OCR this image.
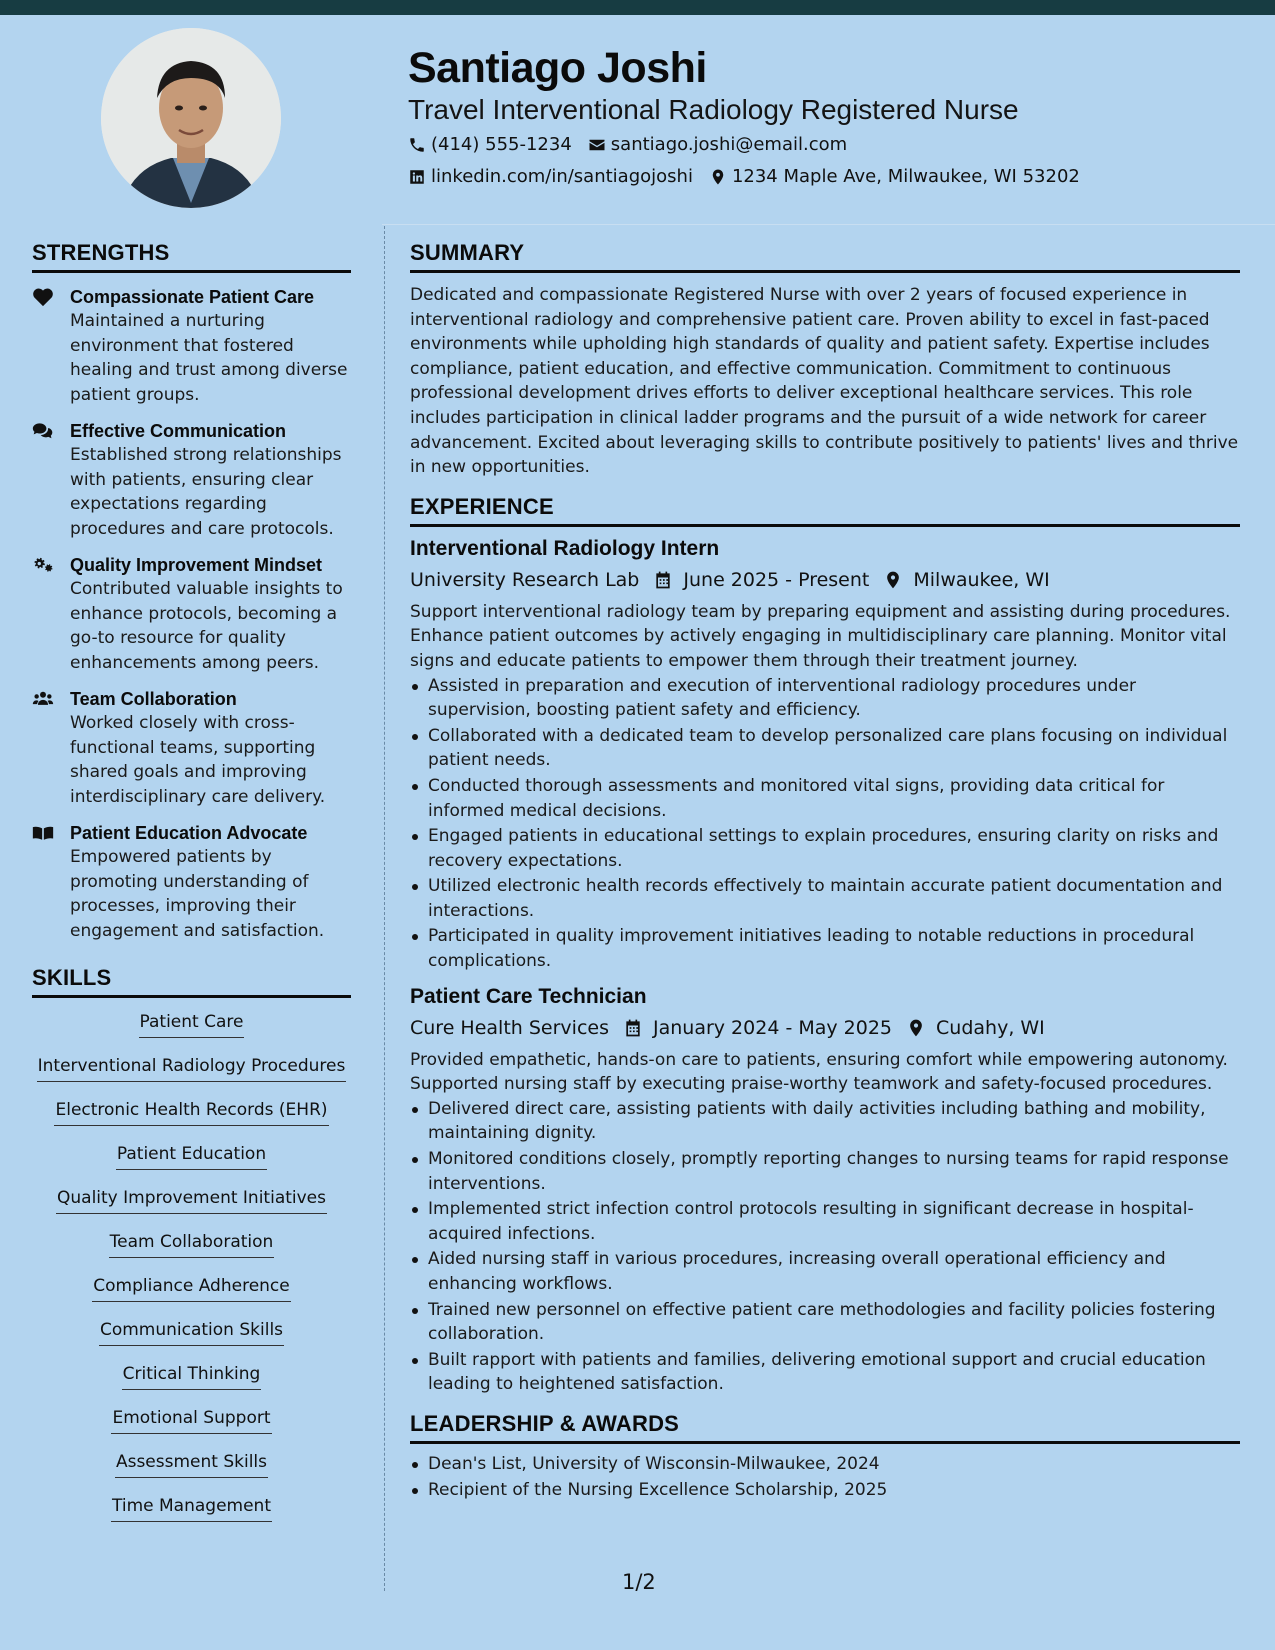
Santiago Joshi
Travel Interventional Radiology Registered Nurse
(414) 555-1234 santiago.joshi@email.com
linkedin.com/in/santiagojoshi 1234 Maple Ave, Milwaukee, WI 53202
STRENGTHS
Compassionate Patient Care
Maintained a nurturing environment that fostered healing and trust among diverse patient groups.
Effective Communication
Established strong relationships with patients, ensuring clear expectations regarding procedures and care protocols.
Quality Improvement Mindset
Contributed valuable insights to enhance protocols, becoming a go-to resource for quality enhancements among peers.
Team Collaboration
Worked closely with cross-functional teams, supporting shared goals and improving interdisciplinary care delivery.
Patient Education Advocate
Empowered patients by promoting understanding of processes, improving their engagement and satisfaction.
SKILLS
Patient Care
Interventional Radiology Procedures
Electronic Health Records (EHR)
Patient Education
Quality Improvement Initiatives
Team Collaboration
Compliance Adherence
Communication Skills
Critical Thinking
Emotional Support
Assessment Skills
Time Management
SUMMARY
Dedicated and compassionate Registered Nurse with over 2 years of focused experience in interventional radiology and comprehensive patient care. Proven ability to excel in fast-paced environments while upholding high standards of quality and patient safety. Expertise includes compliance, patient education, and effective communication. Commitment to continuous professional development drives efforts to deliver exceptional healthcare services. This role includes participation in clinical ladder programs and the pursuit of a wide network for career advancement. Excited about leveraging skills to contribute positively to patients' lives and thrive in new opportunities.
EXPERIENCE
Interventional Radiology Intern
University Research Lab June 2025 - Present Milwaukee, WI
Support interventional radiology team by preparing equipment and assisting during procedures. Enhance patient outcomes by actively engaging in multidisciplinary care planning. Monitor vital signs and educate patients to empower them through their treatment journey.
Assisted in preparation and execution of interventional radiology procedures under supervision, boosting patient safety and efficiency.
Collaborated with a dedicated team to develop personalized care plans focusing on individual patient needs.
Conducted thorough assessments and monitored vital signs, providing data critical for informed medical decisions.
Engaged patients in educational settings to explain procedures, ensuring clarity on risks and recovery expectations.
Utilized electronic health records effectively to maintain accurate patient documentation and interactions.
Participated in quality improvement initiatives leading to notable reductions in procedural complications.
Patient Care Technician
Cure Health Services January 2024 - May 2025 Cudahy, WI
Provided empathetic, hands-on care to patients, ensuring comfort while empowering autonomy. Supported nursing staff by executing praise-worthy teamwork and safety-focused procedures.
Delivered direct care, assisting patients with daily activities including bathing and mobility, maintaining dignity.
Monitored conditions closely, promptly reporting changes to nursing teams for rapid response interventions.
Implemented strict infection control protocols resulting in significant decrease in hospital-acquired infections.
Aided nursing staff in various procedures, increasing overall operational efficiency and enhancing workflows.
Trained new personnel on effective patient care methodologies and facility policies fostering collaboration.
Built rapport with patients and families, delivering emotional support and crucial education leading to heightened satisfaction.
LEADERSHIP & AWARDS
Dean's List, University of Wisconsin-Milwaukee, 2024
Recipient of the Nursing Excellence Scholarship, 2025
1/2
